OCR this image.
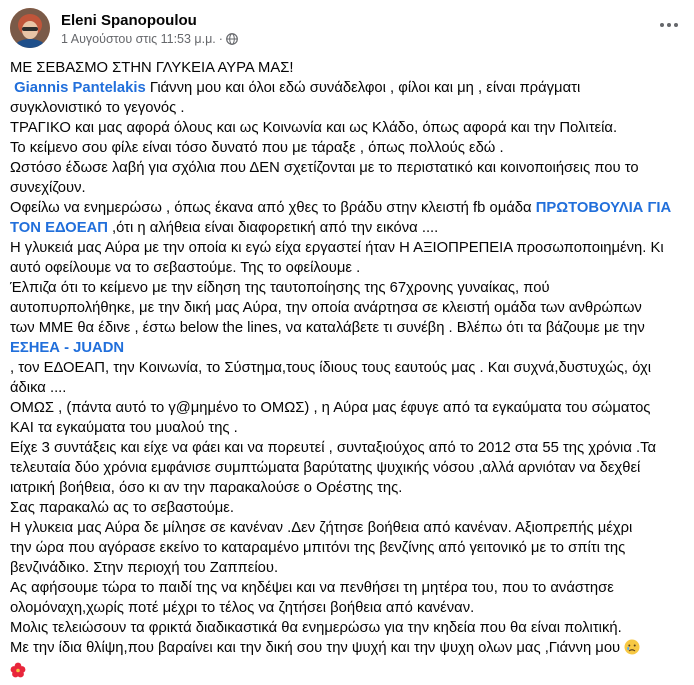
Eleni Spanopoulou
1 Αυγούστου στις 11:53 μ.μ. ·

ΜΕ ΣΕΒΑΣΜΟ ΣΤΗΝ ΓΛΥΚΕΙΑ ΑΥΡΑ ΜΑΣ!

Giannis Pantelakis Γιάννη μου και όλοι εδώ συνάδελφοι , φίλοι και μη , είναι πράγματι

συγκλονιστικό το γεγονός .

ΤΡΑΓΙΚΟ και μας αφορά όλους και ως Κοινωνία και ως Κλάδο, όπως αφορά και την Πολιτεία.

Το κείμενο σου φίλε είναι τόσο δυνατό που με τάραξε , όπως πολλούς εδώ .

Ωστόσο έδωσε λαβή για σχόλια που ΔΕΝ σχετίζονται με το περιστατικό και κοινοποιήσεις που το

συνεχίζουν.

Οφείλω να ενημερώσω , όπως έκανα από χθες το βράδυ στην κλειστή fb ομάδα ΠΡΩΤΟΒΟΥΛΙΑ ΓΙΑ

ΤΟΝ ΕΔΟΕΑΠ ,ότι η αλήθεια είναι διαφορετική από την εικόνα ....

Η γλυκειά μας Αύρα με την οποία κι εγώ είχα εργαστεί ήταν Η ΑΞΙΟΠΡΕΠΕΙΑ προσωποποιημένη. Κι

αυτό οφείλουμε να το σεβαστούμε. Της το οφείλουμε .

Έλπιζα ότι το κείμενο με την είδηση της ταυτοποίησης της 67χρονης γυναίκας, πού

αυτοπυρπολήθηκε, με την δική μας Αύρα, την οποία ανάρτησα σε κλειστή ομάδα των ανθρώπων

των ΜΜΕ θα έδινε , έστω below the lines, να καταλάβετε τι συνέβη . Βλέπω ότι τα βάζουμε με την

ΕΣΗΕΑ - JUADN

, τον ΕΔΟΕΑΠ, την Κοινωνία, το Σύστημα,τους ίδιους τους εαυτούς μας . Και συχνά,δυστυχώς, όχι

άδικα ....

ΟΜΩΣ , (πάντα αυτό το γ@μημένο το ΟΜΩΣ) , η Αύρα μας έφυγε από τα εγκαύματα του σώματος

ΚΑΙ τα εγκαύματα του μυαλού της .

Είχε 3 συντάξεις και είχε να φάει και να πορευτεί , συνταξιούχος από το 2012 στα 55 της χρόνια .Τα

τελευταία δύο χρόνια εμφάνισε συμπτώματα βαρύτατης ψυχικής νόσου ,αλλά αρνιόταν να δεχθεί

ιατρική βοήθεια, όσο κι αν την παρακαλούσε ο Ορέστης της.

Σας παρακαλώ ας το σεβαστούμε.

Η γλυκεια μας Αύρα δε μίλησε σε κανέναν .Δεν ζήτησε βοήθεια από κανέναν. Αξιοπρεπής μέχρι

την ώρα που αγόρασε εκείνο το καταραμένο μπιτόνι της βενζίνης από γειτονικό με το σπίτι της

βενζινάδικο. Στην περιοχή του Ζαππείου.

Ας αφήσουμε τώρα το παιδί της να κηδέψει και να πενθήσει τη μητέρα του, που το ανάστησε

ολομόναχη,χωρίς ποτέ μέχρι το τέλος να ζητήσει βοήθεια από κανέναν.

Μολις τελειώσουν τα φρικτά διαδικαστικά θα ενημερώσω για την κηδεία που θα είναι πολιτική.

Με την ίδια θλίψη,που βαραίνει και την δική σου την ψυχή και την ψυχη ολων μας ,Γιάννη μου
